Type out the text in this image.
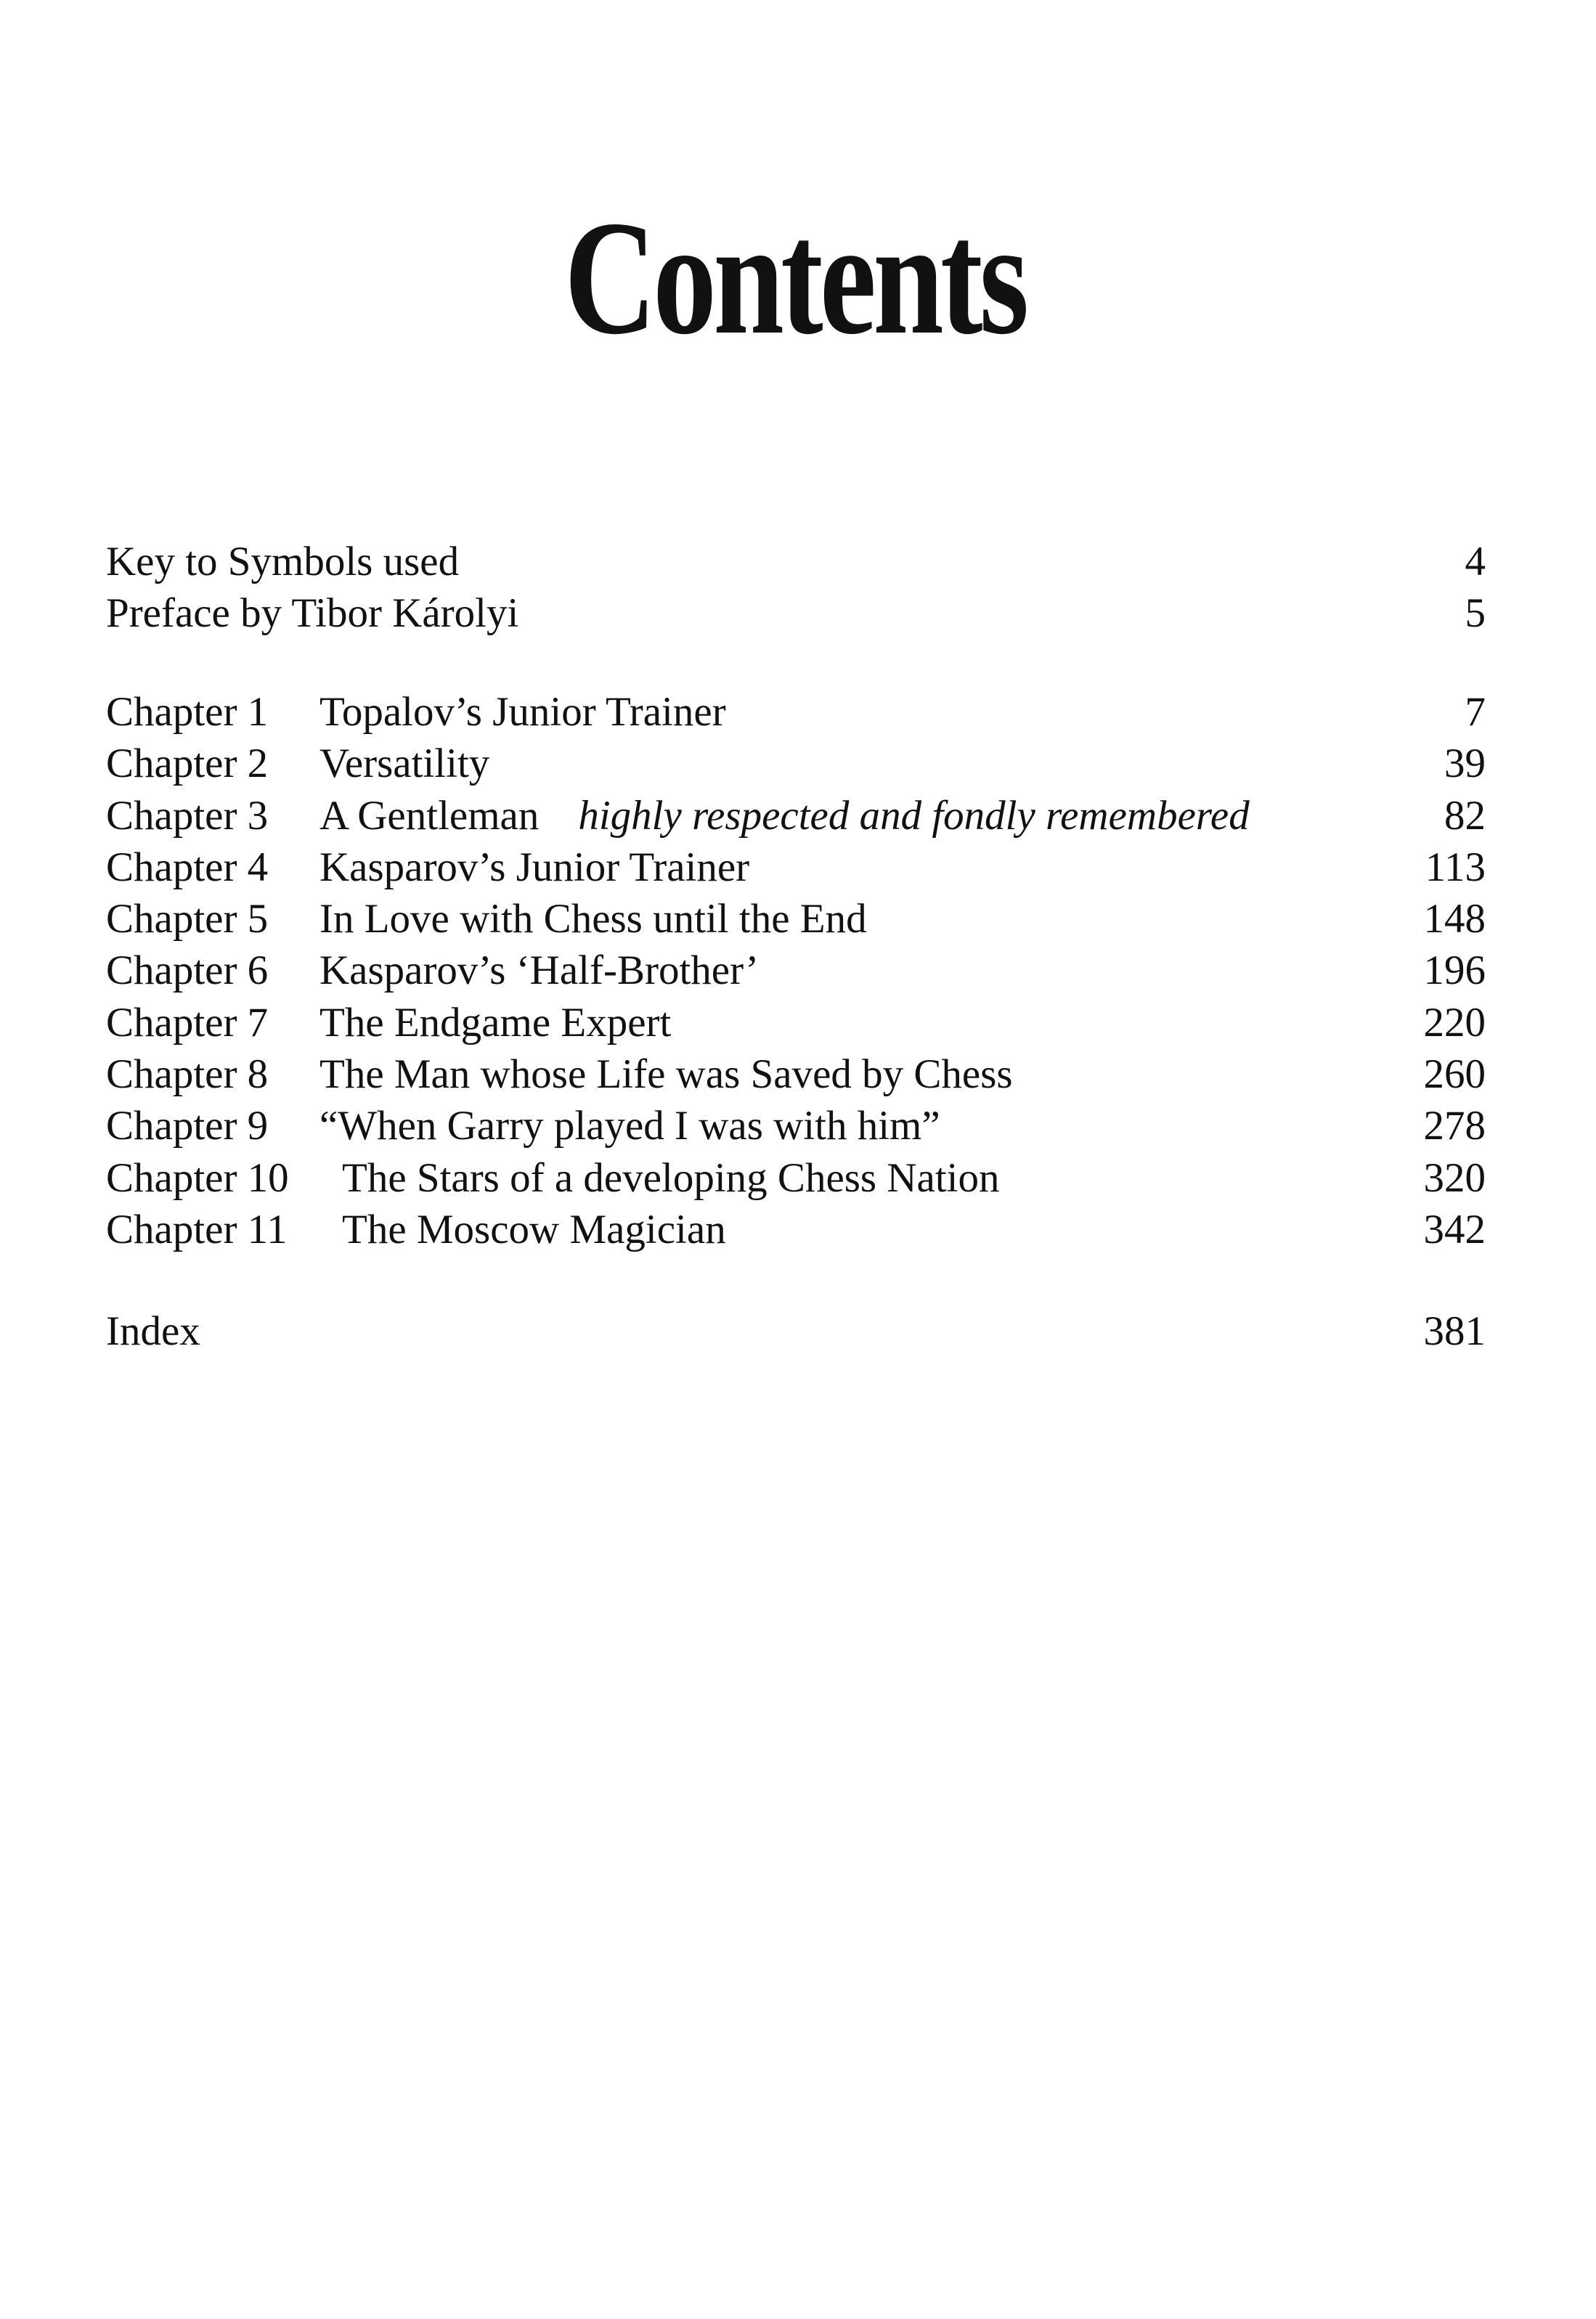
Contents
Key to Symbols used	4
Preface by Tibor Károlyi	5
Chapter 1 Topalov’s Junior Trainer	7
Chapter 2 Versatility	39
Chapter 3 A Gentleman highly respected and fondly remembered	82
Chapter 4 Kasparov’s Junior Trainer	113
Chapter 5 In Love with Chess until the End	148
Chapter 6 Kasparov’s ‘Half-Brother’	196
Chapter 7 The Endgame Expert	220
Chapter 8 The Man whose Life was Saved by Chess	260
Chapter 9 “When Garry played I was with him”	278
Chapter 10 The Stars of a developing Chess Nation	320
Chapter 11 The Moscow Magician	342
Index	381
